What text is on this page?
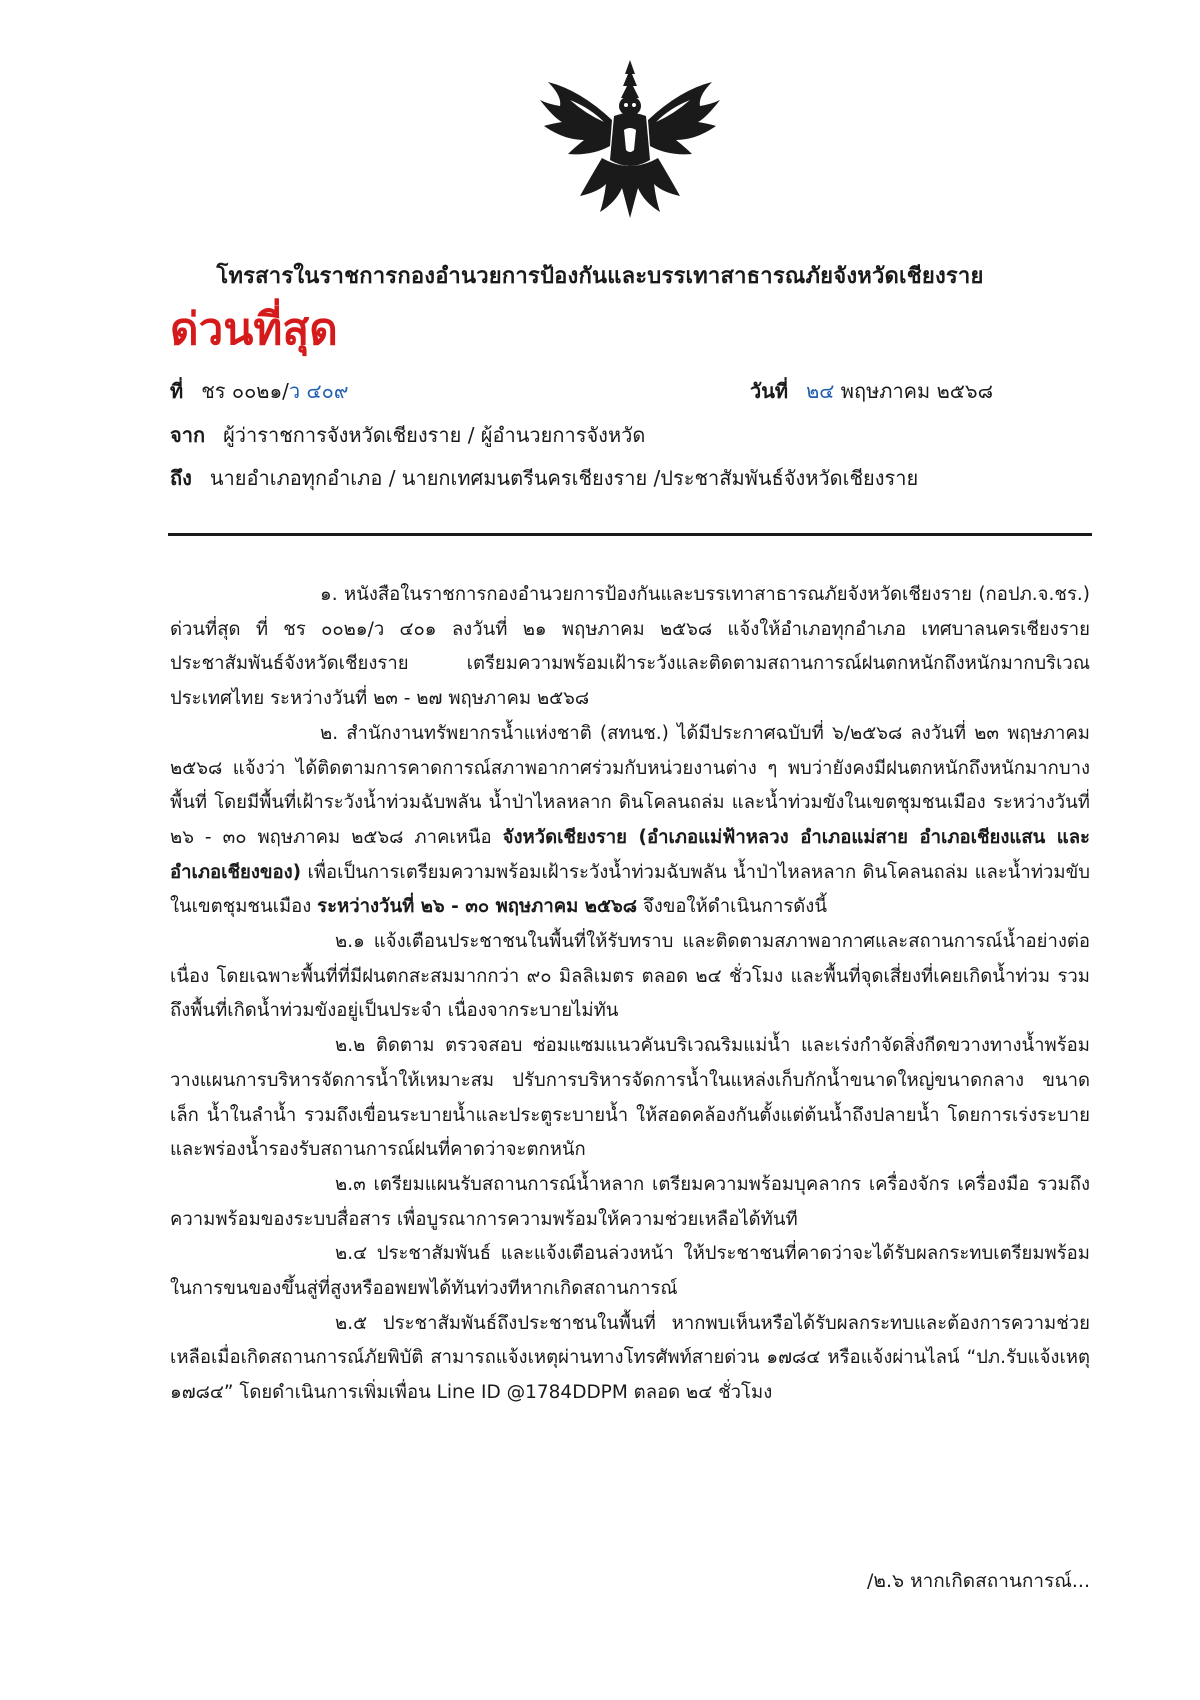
โทรสารในราชการกองอำนวยการป้องกันและบรรเทาสาธารณภัยจังหวัดเชียงราย
ด่วนที่สุด
ที่ ชร ๐๐๒๑/ว ๔๐๙	วันที่ ๒๔ พฤษภาคม ๒๕๖๘
จาก ผู้ว่าราชการจังหวัดเชียงราย / ผู้อำนวยการจังหวัด
ถึง นายอำเภอทุกอำเภอ / นายกเทศมนตรีนครเชียงราย /ประชาสัมพันธ์จังหวัดเชียงราย

๑. หนังสือในราชการกองอำนวยการป้องกันและบรรเทาสาธารณภัยจังหวัดเชียงราย (กอปภ.จ.ชร.) ด่วนที่สุด ที่ ชร ๐๐๒๑/ว ๔๐๑ ลงวันที่ ๒๑ พฤษภาคม ๒๕๖๘ แจ้งให้อำเภอทุกอำเภอ เทศบาลนครเชียงราย ประชาสัมพันธ์จังหวัดเชียงราย เตรียมความพร้อมเฝ้าระวังและติดตามสถานการณ์ฝนตกหนักถึงหนักมากบริเวณประเทศไทย ระหว่างวันที่ ๒๓ - ๒๗ พฤษภาคม ๒๕๖๘

๒. สำนักงานทรัพยากรน้ำแห่งชาติ (สทนช.) ได้มีประกาศฉบับที่ ๖/๒๕๖๘ ลงวันที่ ๒๓ พฤษภาคม ๒๕๖๘ แจ้งว่า ได้ติดตามการคาดการณ์สภาพอากาศร่วมกับหน่วยงานต่าง ๆ พบว่ายังคงมีฝนตกหนักถึงหนักมากบางพื้นที่ โดยมีพื้นที่เฝ้าระวังน้ำท่วมฉับพลัน น้ำป่าไหลหลาก ดินโคลนถล่ม และน้ำท่วมขังในเขตชุมชนเมือง ระหว่างวันที่ ๒๖ - ๓๐ พฤษภาคม ๒๕๖๘ ภาคเหนือ จังหวัดเชียงราย (อำเภอแม่ฟ้าหลวง อำเภอแม่สาย อำเภอเชียงแสน และอำเภอเชียงของ) เพื่อเป็นการเตรียมความพร้อมเฝ้าระวังน้ำท่วมฉับพลัน น้ำป่าไหลหลาก ดินโคลนถล่ม และน้ำท่วมขับในเขตชุมชนเมือง ระหว่างวันที่ ๒๖ - ๓๐ พฤษภาคม ๒๕๖๘ จึงขอให้ดำเนินการดังนี้

๒.๑ แจ้งเตือนประชาชนในพื้นที่ให้รับทราบ และติดตามสภาพอากาศและสถานการณ์น้ำอย่างต่อเนื่อง โดยเฉพาะพื้นที่ที่มีฝนตกสะสมมากกว่า ๙๐ มิลลิเมตร ตลอด ๒๔ ชั่วโมง และพื้นที่จุดเสี่ยงที่เคยเกิดน้ำท่วม รวมถึงพื้นที่เกิดน้ำท่วมขังอยู่เป็นประจำ เนื่องจากระบายไม่ทัน

๒.๒ ติดตาม ตรวจสอบ ซ่อมแซมแนวคันบริเวณริมแม่น้ำ และเร่งกำจัดสิ่งกีดขวางทางน้ำพร้อมวางแผนการบริหารจัดการน้ำให้เหมาะสม ปรับการบริหารจัดการน้ำในแหล่งเก็บกักน้ำขนาดใหญ่ขนาดกลาง ขนาดเล็ก น้ำในลำน้ำ รวมถึงเขื่อนระบายน้ำและประตูระบายน้ำ ให้สอดคล้องกันตั้งแต่ต้นน้ำถึงปลายน้ำ โดยการเร่งระบาย และพร่องน้ำรองรับสถานการณ์ฝนที่คาดว่าจะตกหนัก

๒.๓ เตรียมแผนรับสถานการณ์น้ำหลาก เตรียมความพร้อมบุคลากร เครื่องจักร เครื่องมือ รวมถึงความพร้อมของระบบสื่อสาร เพื่อบูรณาการความพร้อมให้ความช่วยเหลือได้ทันที

๒.๔ ประชาสัมพันธ์ และแจ้งเตือนล่วงหน้า ให้ประชาชนที่คาดว่าจะได้รับผลกระทบเตรียมพร้อมในการขนของขึ้นสู่ที่สูงหรืออพยพได้ทันท่วงทีหากเกิดสถานการณ์

๒.๕ ประชาสัมพันธ์ถึงประชาชนในพื้นที่ หากพบเห็นหรือได้รับผลกระทบและต้องการความช่วยเหลือเมื่อเกิดสถานการณ์ภัยพิบัติ สามารถแจ้งเหตุผ่านทางโทรศัพท์สายด่วน ๑๗๘๔ หรือแจ้งผ่านไลน์ “ปภ.รับแจ้งเหตุ ๑๗๘๔” โดยดำเนินการเพิ่มเพื่อน Line ID @1784DDPM ตลอด ๒๔ ชั่วโมง

/๒.๖ หากเกิดสถานการณ์...
